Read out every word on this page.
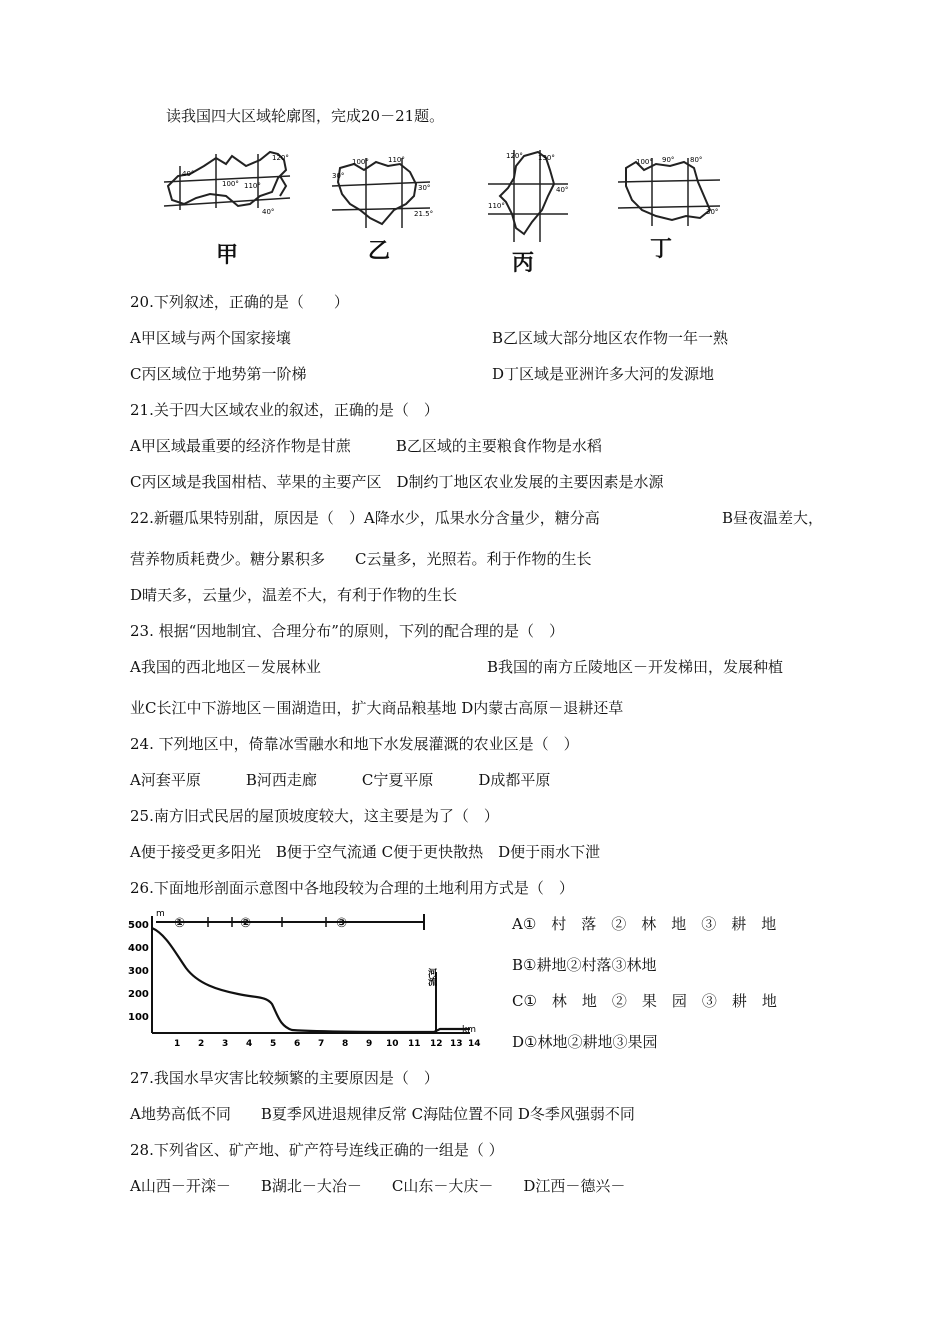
读我国四大区域轮廓图，完成20－21题。
40°
120°
110°
100°
40°
甲
100°	110°
30°
30°
21.5°
乙
120° 130°
40°
110°
丙
100° 90° 80°
30°
丁
20.下列叙述，正确的是（　　）
A甲区域与两个国家接壤	B乙区域大部分地区农作物一年一熟
C丙区域位于地势第一阶梯	D丁区域是亚洲许多大河的发源地
21.关于四大区域农业的叙述，正确的是（　）
A甲区域最重要的经济作物是甘蔗　　　B乙区域的主要粮食作物是水稻
C丙区域是我国柑桔、苹果的主要产区　D制约丁地区农业发展的主要因素是水源
22.新疆瓜果特别甜，原因是（　）A降水少，瓜果水分含量少，糖分高	B昼夜温差大，
营养物质耗费少。糖分累积多　　C云量多，光照若。利于作物的生长
D晴天多，云量少，温差不大，有利于作物的生长
23. 根据“因地制宜、合理分布”的原则，下列的配合理的是（　）
A我国的西北地区－发展林业	B我国的南方丘陵地区－开发梯田，发展种植
业C长江中下游地区－围湖造田，扩大商品粮基地 D内蒙古高原－退耕还草
24. 下列地区中，倚靠冰雪融水和地下水发展灌溉的农业区是（　）
A河套平原　　　B河西走廊　　　C宁夏平原　　　D成都平原
25.南方旧式民居的屋顶坡度较大，这主要是为了（　）
A便于接受更多阳光　B便于空气流通 C便于更快散热　D便于雨水下泄
26.下面地形剖面示意图中各地段较为合理的土地利用方式是（　）
m
km
500
400
300
200
100
1 2 3 4 5 6 7 8 9 10 11 12 13 14
①	②	③
河流
A①　村　落　②　林　地　③　耕　地
B①耕地②村落③林地
C①　林　地　②　果　园　③　耕　地
D①林地②耕地③果园
27.我国水旱灾害比较频繁的主要原因是（　）
A地势高低不同　　B夏季风进退规律反常 C海陆位置不同 D冬季风强弱不同
28.下列省区、矿产地、矿产符号连线正确的一组是（ ）
A山西－开滦－　　B湖北－大冶－　　C山东－大庆－　　D江西－德兴－
